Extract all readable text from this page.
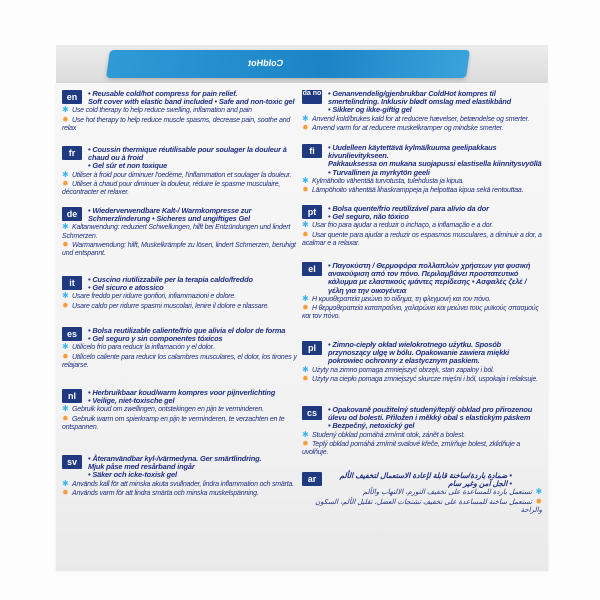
ColdHot
en	• Reusable cold/hot compress for pain relief.
Soft cover with elastic band included • Safe and non-toxic gel
✱ Use cold therapy to help reduce swelling, inflamation and pain
✹ Use hot therapy to help reduce muscle spasms, decrease pain, soothe and relax
fr	• Coussin thermique réutilisable pour soulager la douleur à chaud ou à froid
• Gel sûr et non toxique
✱ Utiliser à froid pour diminuer l'oedème, l'inflammation et soulager la douleur.
✹ Utiliser à chaud pour diminuer la douleur, réduire le spasme musculaire, décontracter et relaxer.
de	• Wiederverwendbare Kalt-/ Warmkompresse zur
Schmerzlinderung • Sicheres und ungiftiges Gel
✱ Kaltanwendung: reduziert Schwellungen, hilft bei Entzündungen und lindert Schmerzen.
✹ Warmanwendung: hilft, Muskelkrämpfe zu lösen, lindert Schmerzen, beruhigt und entspannt.
it	• Cuscino riutilizzabile per la terapia caldo/freddo
• Gel sicuro e atossico
✱ Usare freddo per ridurre gonfiori, infiammazioni e dolore.
✹ Usare caldo per ridurre spasmi muscolari, lenire il dolore e rilassare.
es	• Bolsa reutilizable caliente/frío que alivia el dolor de forma
• Gel seguro y sin componentes tóxicos
✱ Utilícelo frío para reducir la inflamación y el dolor.
✹ Utilícelo caliente para reducir los calambres musculares, el dolor, los tirones y relajarse.
nl	• Herbruikbaar koud/warm kompres voor pijnverlichting
• Veilige, niet-toxische gel
✱ Gebruik koud om zwellingen, ontstekingen en pijn te verminderen.
✹ Gebruik warm om spierkramp en pijn te verminderen, te verzachten en te ontspannen.
sv	• Återanvändbar kyl-/värmedyna. Ger smärtlindring.
Mjuk påse med resårband ingår
• Säker och icke-toxisk gel
✱ Används kall för att minska akuta svullnader, lindra inflammation och smärta.
✹ Används varm för att lindra smärta och minska muskelspänning.
da no • Genanvendelig/gjenbrukbar ColdHot kompres til
smertelindring. Inklusiv blødt omslag med elastikbånd
• Sikker og ikke-giftig gel
✱ Anvend kold/brukes kald for at reducere hævelser, betændelse og smerter.
✹ Anvend varm for at reducere muskelkramper og mindske smerter.
fi	• Uudelleen käytettävä kylmä/kuuma geelipakkaus kivunlievitykseen.
Pakkauksessa on mukana suojapussi elastisella kiinnitysvyöllä
• Turvallinen ja myrkytön geeli
✱ Kylmähoito vähentää turvotusta, tulehdusta ja kipua.
✹ Lämpöhoito vähentää lihaskramppeja ja helpottaa kipua sekä rentouttaa.
pt	• Bolsa quente/frio reutilizável para alívio da dor
• Gel seguro, não tóxico
✱ Usar frio para ajudar a reduzir o inchaço, a inflamação e a dor.
✹ Usar quente para ajudar a reduzir os espasmos musculares, a diminuir a dor, a acalmar e a relaxar.
el	• Παγοκύστη / Θερμοφόρα πολλαπλών χρήσεων για φυσική ανακούφιση από τον πόνο. Περιλαμβάνει προστατευτικό κάλυμμα με ελαστικούς ιμάντες περίδεσης • Ασφαλές ζελέ / γέλη για την οικογένεια
✱ Η κρυοθεραπεία μειώνει το οίδημα, τη φλεγμονή και τον πόνο.
✹ Η θερμοθεραπεία καταπραΰνει, χαλαρώνει και μειώνει τους μυϊκούς σπασμούς και τον πόνο.
pl	• Zimno-ciepły okład wielokrotnego użytku. Sposób przynoszący ulgę w bólu. Opakowanie zawiera miękki pokrowiec ochronny z elastycznym paskiem.
✱ Użyty na zimno pomaga zmniejszyć obrzęk, stan zapalny i ból.
✹ Użyty na ciepło pomaga zmniejszyć skurcze mięśni i ból, uspokaja i relaksuje.
cs	• Opakovaně použitelný studený/teplý obklad pro přirozenou úlevu od bolesti. Přiložen i měkký obal s elastickým páskem
• Bezpečný, netoxický gel
✱ Studený obklad pomáhá zmírnit otok, zánět a bolest.
✹ Teplý obklad pomáhá zmírnit svalové křeče, zmírňuje bolest, zklidňuje a uvolňuje.
ar	• ضمادة باردة/ساخنة قابلة لإعادة الاستعمال لتخفيف الألم
• الجل آمن وغير سام
✱تستعمل باردة للمساعدة على تخفيف التورم، الالتهاب والألم
✹تستعمل ساخنة للمساعدة على تخفيف تشنجات العضل، تقليل الألم، السكون والراحة
